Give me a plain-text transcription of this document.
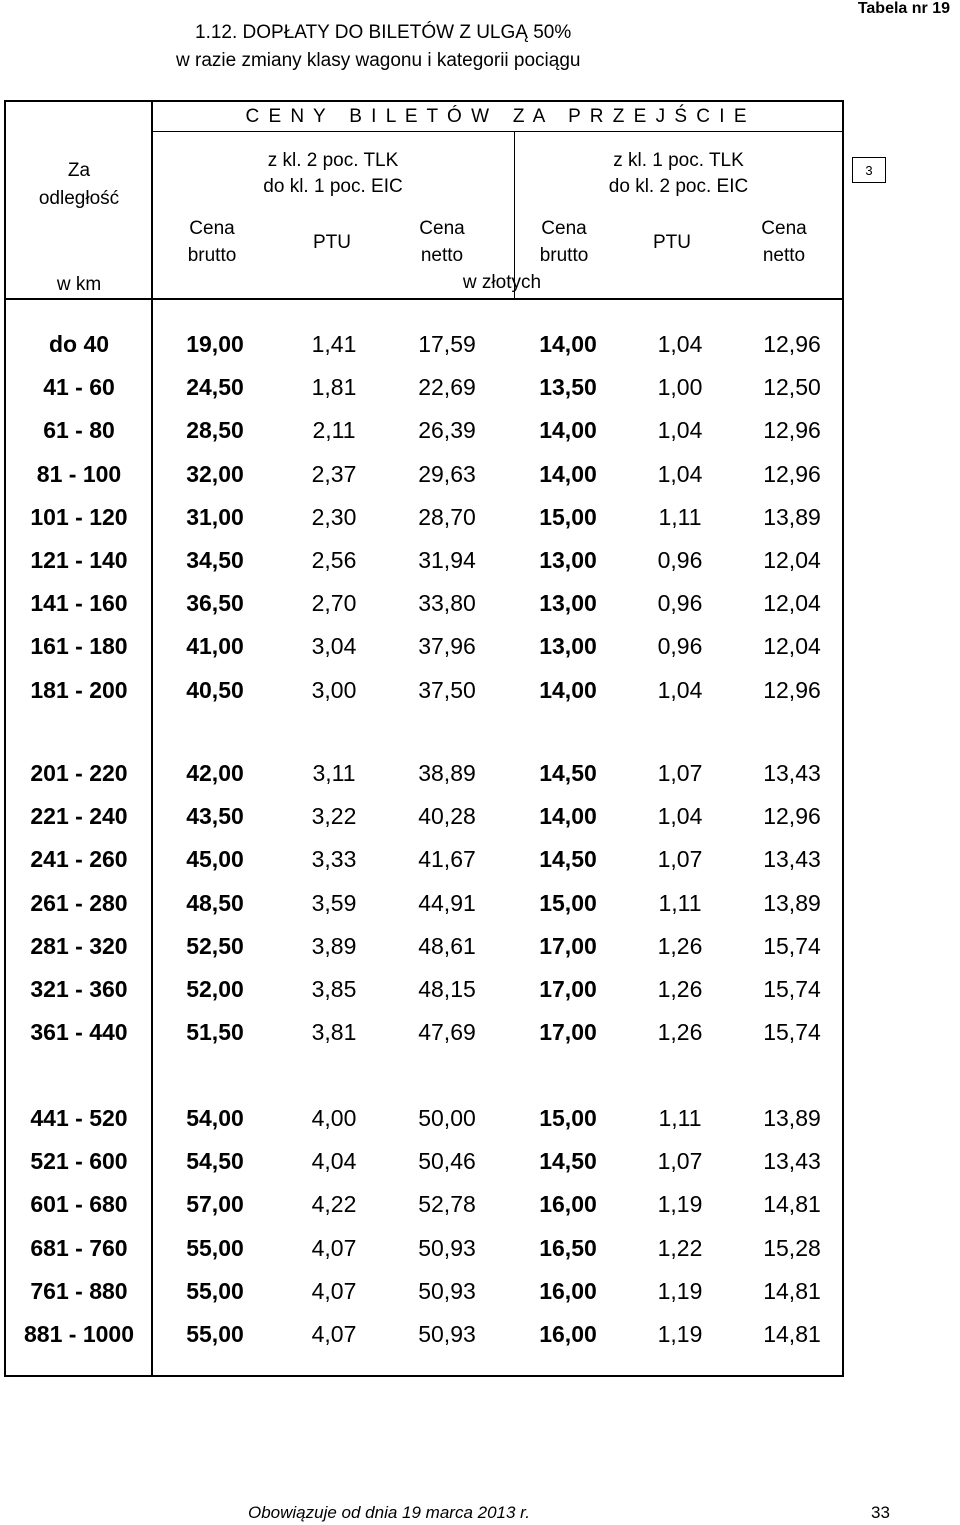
1.12. DOPŁATY DO BILETÓW Z ULGĄ 50%
w razie zmiany klasy wagonu i kategorii pociągu
Tabela nr 19
3
Za
odległość
w km
C E N Y   B I L E T Ó W   Z A   P R Z E J Ś C I E
z kl. 2 poc. TLK
do kl. 1 poc. EIC
z kl. 1 poc. TLK
do kl. 2 poc. EIC
Cena
brutto
PTU
Cena
netto
Cena
brutto
PTU
Cena
netto
w złotych
do 40	19,00	1,41	17,59	14,00	1,04	12,96
41 - 60	24,50	1,81	22,69	13,50	1,00	12,50
61 - 80	28,50	2,11	26,39	14,00	1,04	12,96
81 - 100	32,00	2,37	29,63	14,00	1,04	12,96
101 - 120	31,00	2,30	28,70	15,00	1,11	13,89
121 - 140	34,50	2,56	31,94	13,00	0,96	12,04
141 - 160	36,50	2,70	33,80	13,00	0,96	12,04
161 - 180	41,00	3,04	37,96	13,00	0,96	12,04
181 - 200	40,50	3,00	37,50	14,00	1,04	12,96
201 - 220	42,00	3,11	38,89	14,50	1,07	13,43
221 - 240	43,50	3,22	40,28	14,00	1,04	12,96
241 - 260	45,00	3,33	41,67	14,50	1,07	13,43
261 - 280	48,50	3,59	44,91	15,00	1,11	13,89
281 - 320	52,50	3,89	48,61	17,00	1,26	15,74
321 - 360	52,00	3,85	48,15	17,00	1,26	15,74
361 - 440	51,50	3,81	47,69	17,00	1,26	15,74
441 - 520	54,00	4,00	50,00	15,00	1,11	13,89
521 - 600	54,50	4,04	50,46	14,50	1,07	13,43
601 - 680	57,00	4,22	52,78	16,00	1,19	14,81
681 - 760	55,00	4,07	50,93	16,50	1,22	15,28
761 - 880	55,00	4,07	50,93	16,00	1,19	14,81
881 - 1000	55,00	4,07	50,93	16,00	1,19	14,81
Obowiązuje od dnia 19 marca 2013 r.	33
